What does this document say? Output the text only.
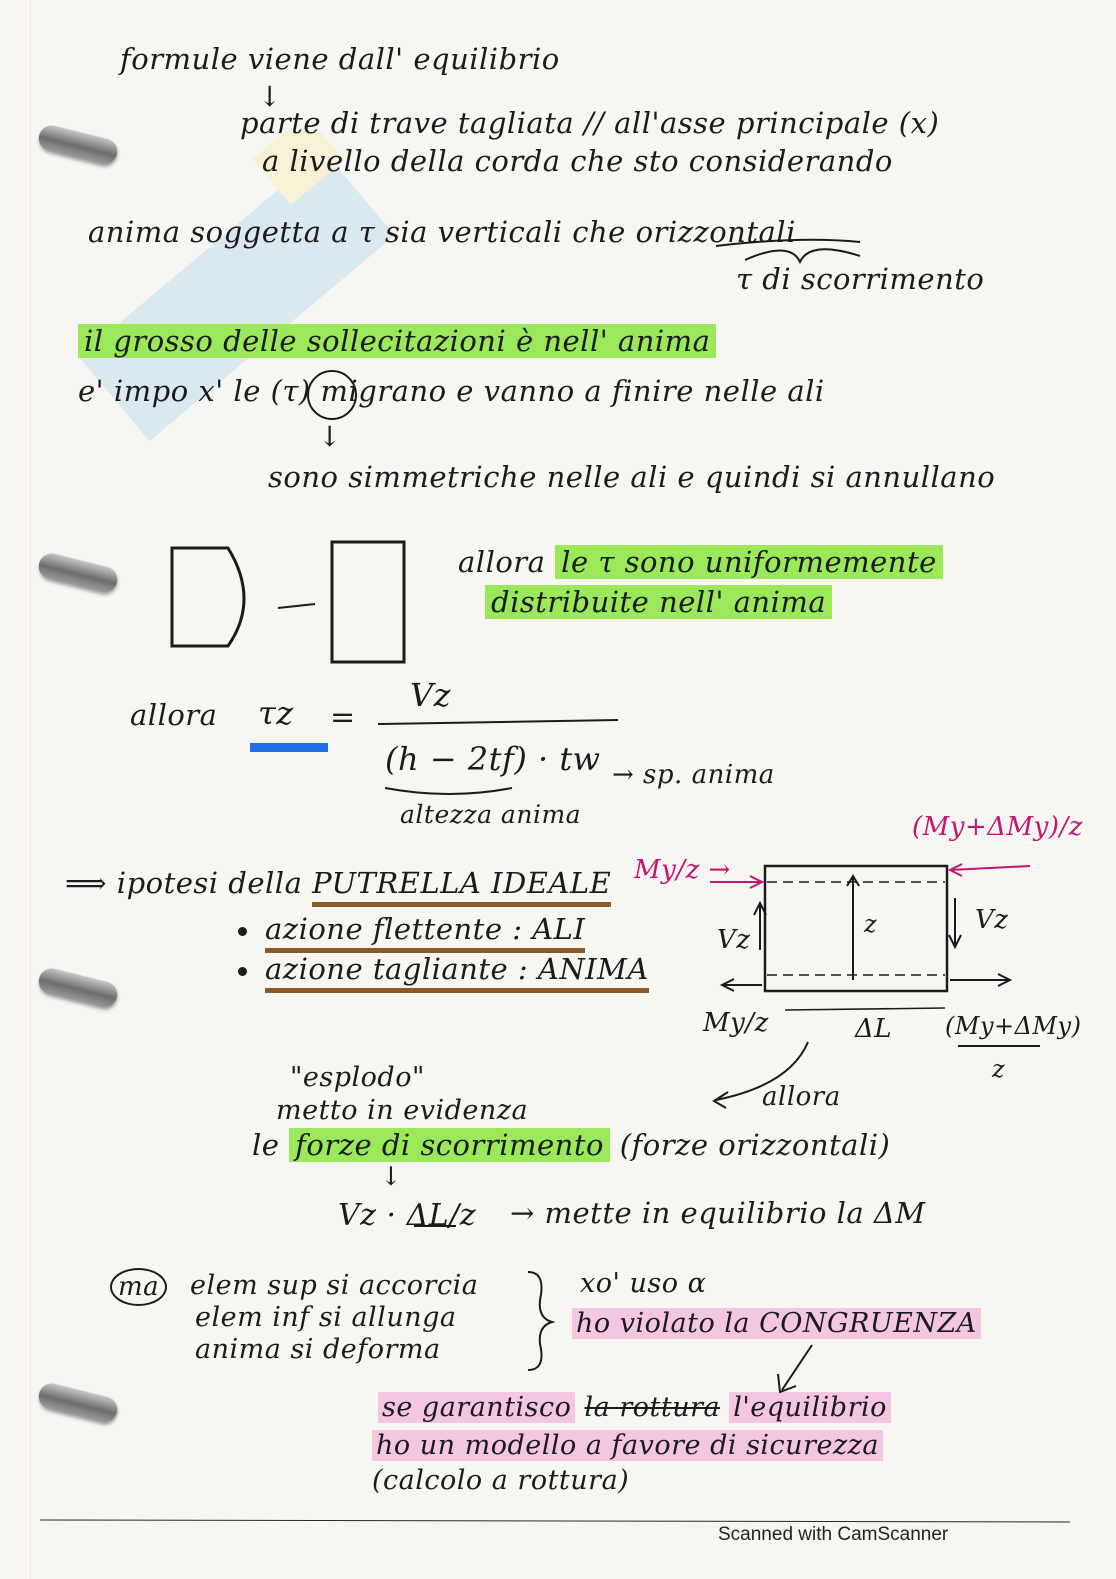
formule viene dall' equilibrio
↓
parte di trave tagliata // all'asse principale (x)
a livello della corda che sto considerando
anima soggetta a τ sia verticali che orizzontali
τ di scorrimento
il grosso delle sollecitazioni è nell' anima
e' impo x' le (τ) migrano e vanno a finire nelle ali
↓
sono simmetriche nelle ali e quindi si annullano
allora le τ sono uniformemente
distribuite nell' anima
allora τz =
Vz
(h − 2tf) · tw → sp. anima
altezza anima
⟹ ipotesi della PUTRELLA IDEALE
azione flettente : ALI
azione tagliante : ANIMA
My/z →
(My+ΔMy)/z
Vz
Vz
z
My/z	ΔL (My+ΔMy)
z
allora
"esplodo"
metto in evidenza
le forze di scorrimento (forze orizzontali)
↓
Vz · ΔL/z → mette in equilibrio la ΔM
ma elem sup si accorcia
elem inf si allunga
anima si deforma
xo' uso α
ho violato la CONGRUENZA
se garantisco la rottura l'equilibrio
ho un modello a favore di sicurezza
(calcolo a rottura)
Scanned with CamScanner
